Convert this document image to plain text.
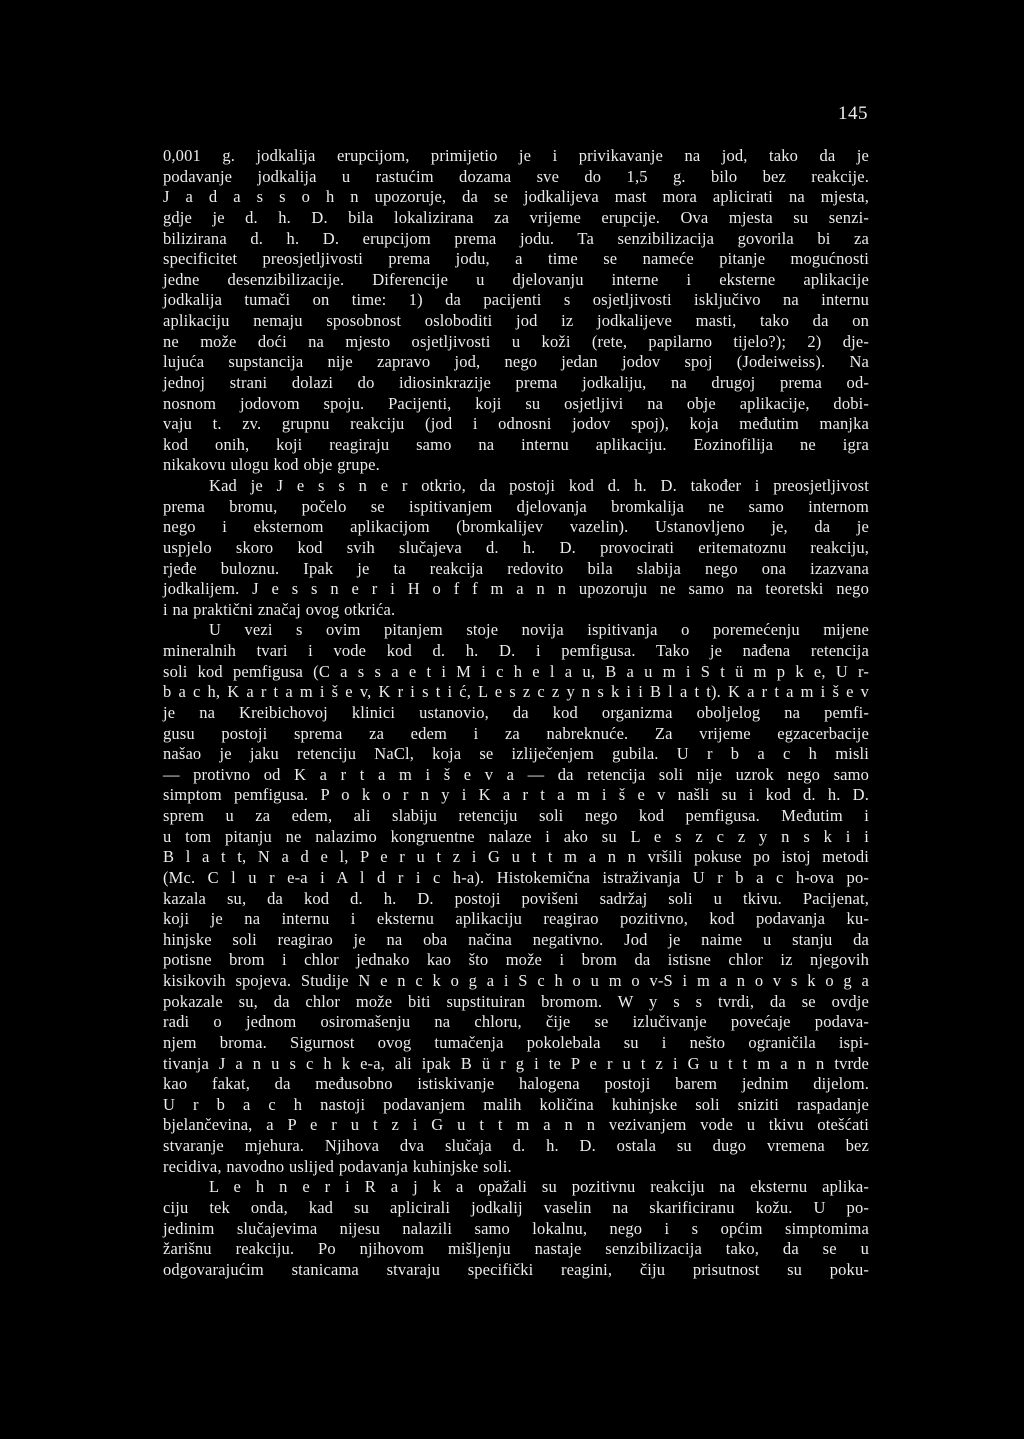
145
0,001 g. jodkalija erupcijom, primijetio je i privikavanje na jod, tako da je
podavanje jodkalija u rastućim dozama sve do 1,5 g. bilo bez reakcije.
J a d a s s o h n upozoruje, da se jodkalijeva mast mora aplicirati na mjesta,
gdje je d. h. D. bila lokalizirana za vrijeme erupcije. Ova mjesta su senzi-
bilizirana d. h. D. erupcijom prema jodu. Ta senzibilizacija govorila bi za
specificitet preosjetljivosti prema jodu, a time se nameće pitanje mogućnosti
jedne desenzibilizacije. Diferencije u djelovanju interne i eksterne aplikacije
jodkalija tumači on time: 1) da pacijenti s osjetljivosti isključivo na internu
aplikaciju nemaju sposobnost osloboditi jod iz jodkalijeve masti, tako da on
ne može doći na mjesto osjetljivosti u koži (rete, papilarno tijelo?); 2) dje-
lujuća supstancija nije zapravo jod, nego jedan jodov spoj (Jodeiweiss). Na
jednoj strani dolazi do idiosinkrazije prema jodkaliju, na drugoj prema od-
nosnom jodovom spoju. Pacijenti, koji su osjetljivi na obje aplikacije, dobi-
vaju t. zv. grupnu reakciju (jod i odnosni jodov spoj), koja međutim manjka
kod onih, koji reagiraju samo na internu aplikaciju. Eozinofilija ne igra
nikakovu ulogu kod obje grupe.
Kad je J e s s n e r otkrio, da postoji kod d. h. D. također i preosjetljivost
prema bromu, počelo se ispitivanjem djelovanja bromkalija ne samo internom
nego i eksternom aplikacijom (bromkalijev vazelin). Ustanovljeno je, da je
uspjelo skoro kod svih slučajeva d. h. D. provocirati eritematoznu reakciju,
rjeđe buloznu. Ipak je ta reakcija redovito bila slabija nego ona izazvana
jodkalijem. J e s s n e r i H o f f m a n n upozoruju ne samo na teoretski nego
i na praktični značaj ovog otkrića.
U vezi s ovim pitanjem stoje novija ispitivanja o poremećenju mijene
mineralnih tvari i vode kod d. h. D. i pemfigusa. Tako je nađena retencija
soli kod pemfigusa (C a s s a e t i M i c h e l a u, B a u m i S t ü m p k e, U r-
b a c h, K a r t a m i š e v, K r i s t i ć, L e s z c z y n s k i i B l a t t). K a r t a m i š e v
je na Kreibichovoj klinici ustanovio, da kod organizma oboljelog na pemfi-
gusu postoji sprema za edem i za nabreknuće. Za vrijeme egzacerbacije
našao je jaku retenciju NaCl, koja se izliječenjem gubila. U r b a c h misli
— protivno od K a r t a m i š e v a — da retencija soli nije uzrok nego samo
simptom pemfigusa. P o k o r n y i K a r t a m i š e v našli su i kod d. h. D.
sprem u za edem, ali slabiju retenciju soli nego kod pemfigusa. Međutim i
u tom pitanju ne nalazimo kongruentne nalaze i ako su L e s z c z y n s k i i
B l a t t, N a d e l, P e r u t z i G u t t m a n n vršili pokuse po istoj metodi
(Mc. C l u r e-a i A l d r i c h-a). Histokemična istraživanja U r b a c h-ova po-
kazala su, da kod d. h. D. postoji povišeni sadržaj soli u tkivu. Pacijenat,
koji je na internu i eksternu aplikaciju reagirao pozitivno, kod podavanja ku-
hinjske soli reagirao je na oba načina negativno. Jod je naime u stanju da
potisne brom i chlor jednako kao što može i brom da istisne chlor iz njegovih
kisikovih spojeva. Studije N e n c k o g a i S c h o u m o v-S i m a n o v s k o g a
pokazale su, da chlor može biti supstituiran bromom. W y s s tvrdi, da se ovdje
radi o jednom osiromašenju na chloru, čije se izlučivanje povećaje podava-
njem broma. Sigurnost ovog tumačenja pokolebala su i nešto ograničila ispi-
tivanja J a n u s c h k e-a, ali ipak B ü r g i te P e r u t z i G u t t m a n n tvrde
kao fakat, da međusobno istiskivanje halogena postoji barem jednim dijelom.
U r b a c h nastoji podavanjem malih količina kuhinjske soli sniziti raspadanje
bjelančevina, a P e r u t z i G u t t m a n n vezivanjem vode u tkivu otešćati
stvaranje mjehura. Njihova dva slučaja d. h. D. ostala su dugo vremena bez
recidiva, navodno uslijed podavanja kuhinjske soli.
L e h n e r i R a j k a opažali su pozitivnu reakciju na eksternu aplika-
ciju tek onda, kad su aplicirali jodkalij vaselin na skarificiranu kožu. U po-
jedinim slučajevima nijesu nalazili samo lokalnu, nego i s općim simptomima
žarišnu reakciju. Po njihovom mišljenju nastaje senzibilizacija tako, da se u
odgovarajućim stanicama stvaraju specifički reagini, čiju prisutnost su poku-
